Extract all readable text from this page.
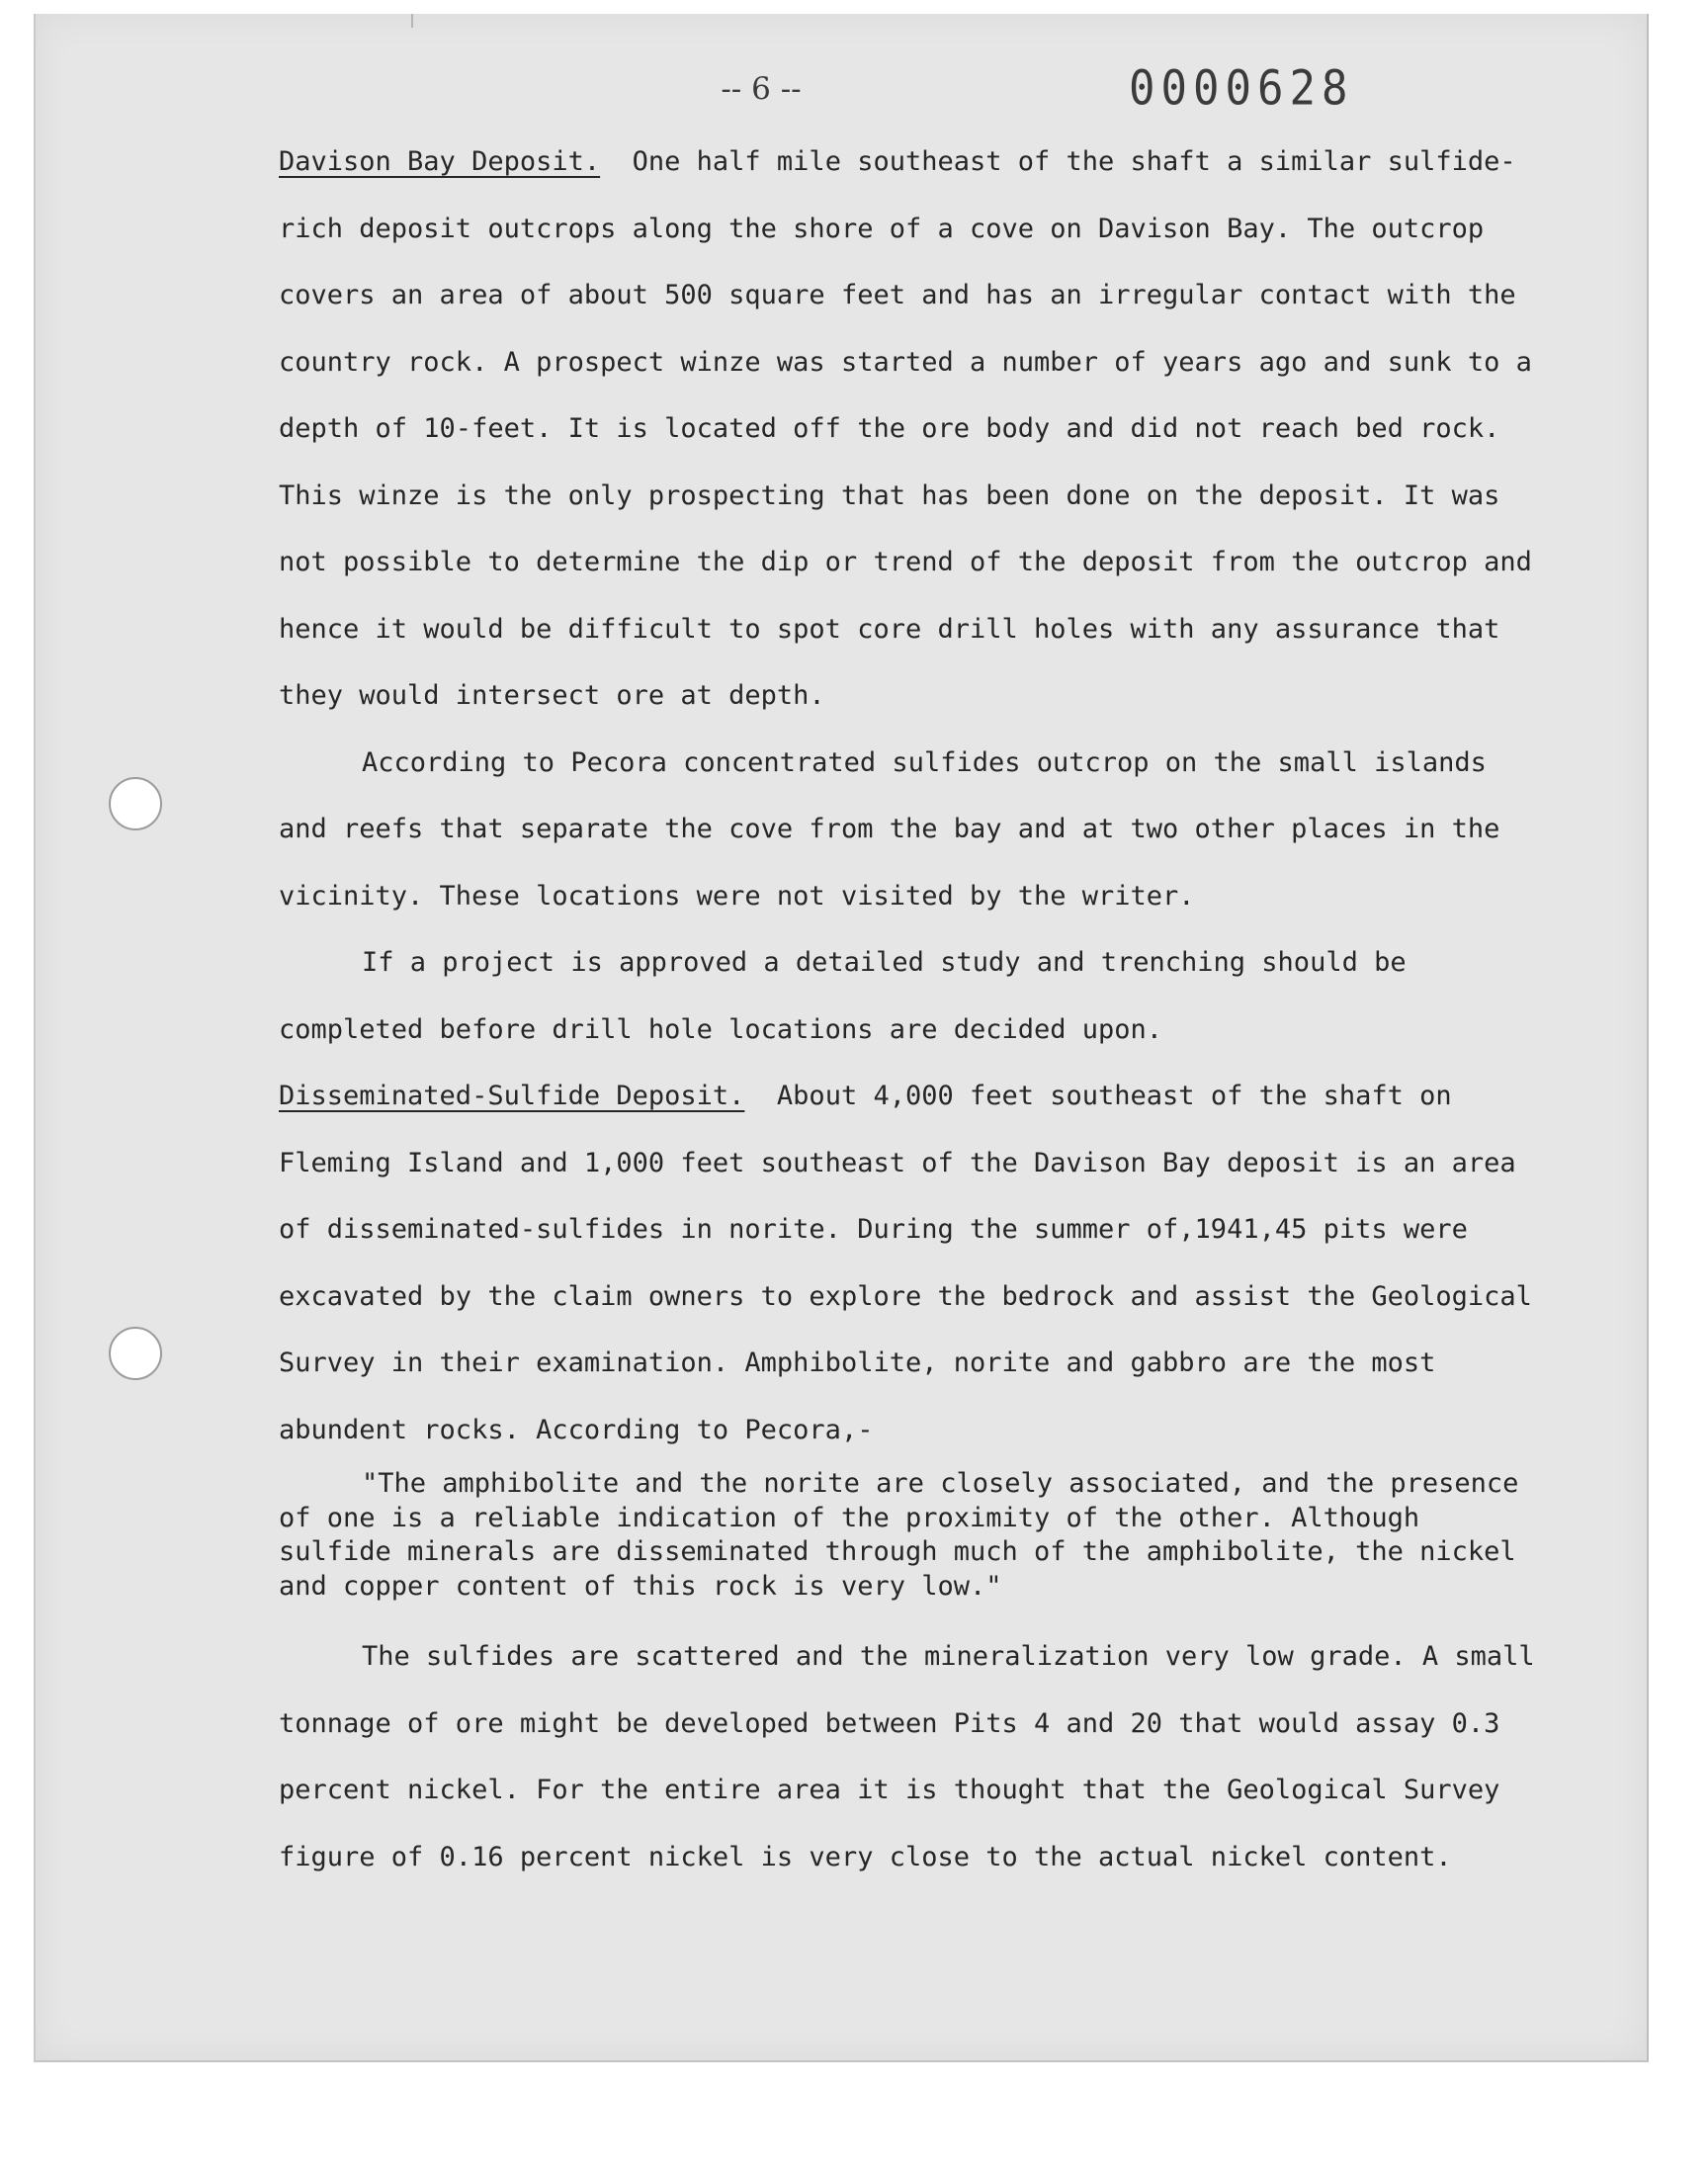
-- 6 --	0000628

Davison Bay Deposit. One half mile southeast of the shaft a similar sulfide-rich deposit outcrops along the shore of a cove on Davison Bay. The outcrop covers an area of about 500 square feet and has an irregular contact with the country rock. A prospect winze was started a number of years ago and sunk to a depth of 10-feet. It is located off the ore body and did not reach bed rock. This winze is the only prospecting that has been done on the deposit. It was not possible to determine the dip or trend of the deposit from the outcrop and hence it would be difficult to spot core drill holes with any assurance that they would intersect ore at depth.

According to Pecora concentrated sulfides outcrop on the small islands and reefs that separate the cove from the bay and at two other places in the vicinity. These locations were not visited by the writer.

If a project is approved a detailed study and trenching should be completed before drill hole locations are decided upon.

Disseminated-Sulfide Deposit. About 4,000 feet southeast of the shaft on Fleming Island and 1,000 feet southeast of the Davison Bay deposit is an area of disseminated-sulfides in norite. During the summer of,1941,45 pits were excavated by the claim owners to explore the bedrock and assist the Geological Survey in their examination. Amphibolite, norite and gabbro are the most abundent rocks. According to Pecora,-

"The amphibolite and the norite are closely associated, and the presence of one is a reliable indication of the proximity of the other. Although sulfide minerals are disseminated through much of the amphibolite, the nickel and copper content of this rock is very low."

The sulfides are scattered and the mineralization very low grade. A small tonnage of ore might be developed between Pits 4 and 20 that would assay 0.3 percent nickel. For the entire area it is thought that the Geological Survey figure of 0.16 percent nickel is very close to the actual nickel content.
